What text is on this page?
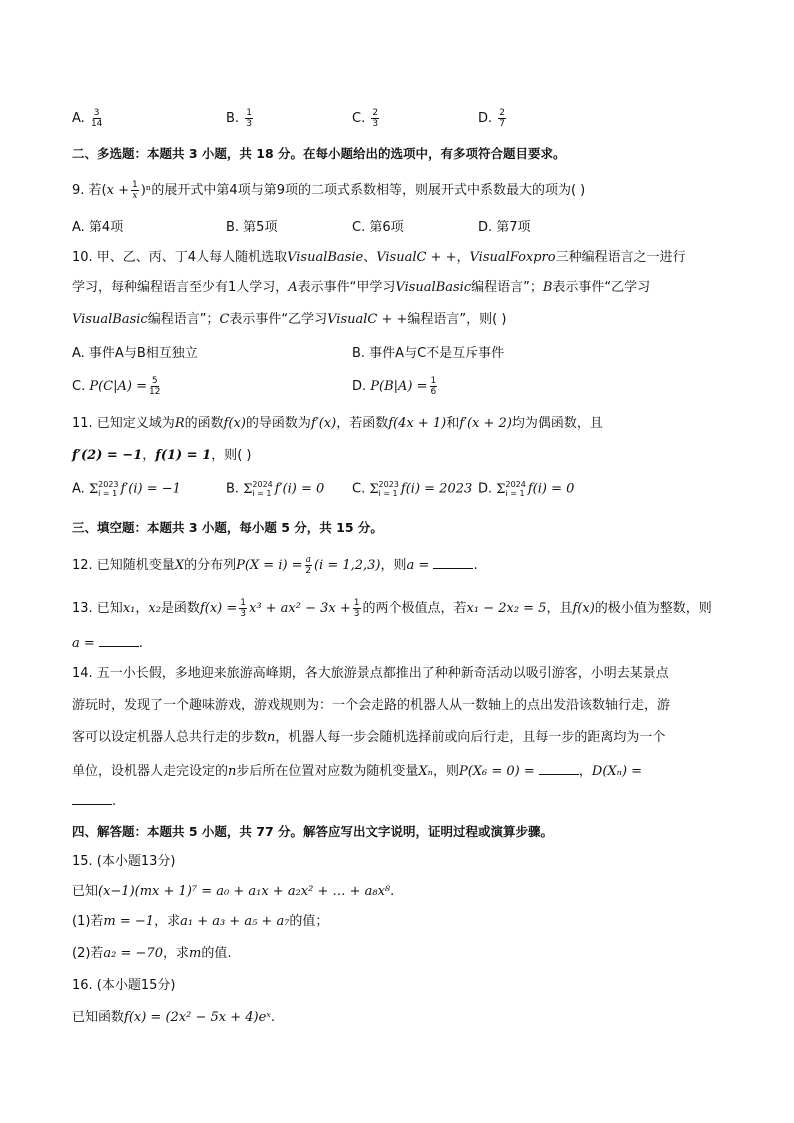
A. $\frac{3}{14}$	B. $\frac{1}{3}$	C. $\frac{2}{3}$	D. $\frac{2}{7}$
二、多选题：本题共 3 小题，共 18 分。在每小题给出的选项中，有多项符合题目要求。
9. 若$(x + \frac{1}{x} )^n$的展开式中第4项与第9项的二项式系数相等，则展开式中系数最大的项为( )
A. 第4项	B. 第5项	C. 第6项	D. 第7项
10. 甲、乙、丙、丁4人每人随机选取VisualBasie、VisualC + +，VisualFoxpro三种编程语言之一进行
学习，每种编程语言至少有1人学习，A表示事件“甲学习VisualBasic编程语言”；B表示事件“乙学习
VisualBasic编程语言”；C表示事件“乙学习VisualC + +编程语言”，则( )
A. 事件A与B相互独立	B. 事件A与C不是互斥事件
C. $P(C|A) = \frac{5}{12}$	D. $P(B|A) = \frac{1}{6}$
11. 已知定义域为R的函数f(x)的导函数为f′(x)，若函数f(4x + 1)和f′(x + 2)均为偶函数，且
f′(2) = −1，f(1) = 1，则( )
A. Σ 2023
i = 1 f′(i) = −1	B. Σ 2024
i = 1 f′(i) = 0 C. Σ 2023
i = 1 f(i) = 2023 D. Σ 2024
i = 1 f(i) = 0
三、填空题：本题共 3 小题，每小题 5 分，共 15 分。
12. 已知随机变量X的分布列$P(X = i) = \frac{a}{2} (i = 1,2,3)$，则a =	.
13. 已知x₁，x₂是函数$f(x) = \frac{1}{3} x^3 + ax^2 - 3x + \frac{1}{3}$ 的两个极值点，若x₁ − 2x₂ = 5，且f(x)的极小值为整数，则
a =	.
14. 五一小长假，多地迎来旅游高峰期，各大旅游景点都推出了种种新奇活动以吸引游客，小明去某景点
游玩时，发现了一个趣味游戏，游戏规则为：一个会走路的机器人从一数轴上的点出发沿该数轴行走，游
客可以设定机器人总共行走的步数n，机器人每一步会随机选择前或向后行走，且每一步的距离均为一个
单位，设机器人走完设定的n步后所在位置对应数为随机变量Xₙ，则P(X₆ = 0) =	，D(Xₙ) =
.
四、解答题：本题共 5 小题，共 77 分。解答应写出文字说明，证明过程或演算步骤。
15. (本小题13分)
已知(x−1)(mx + 1)⁷ = a₀ + a₁x + a₂x² + … + a₈x⁸.
(1)若m = −1，求a₁ + a₃ + a₅ + a₇的值；
(2)若a₂ = −70，求m的值.
16. (本小题15分)
已知函数f(x) = (2x² − 5x + 4)eˣ.
